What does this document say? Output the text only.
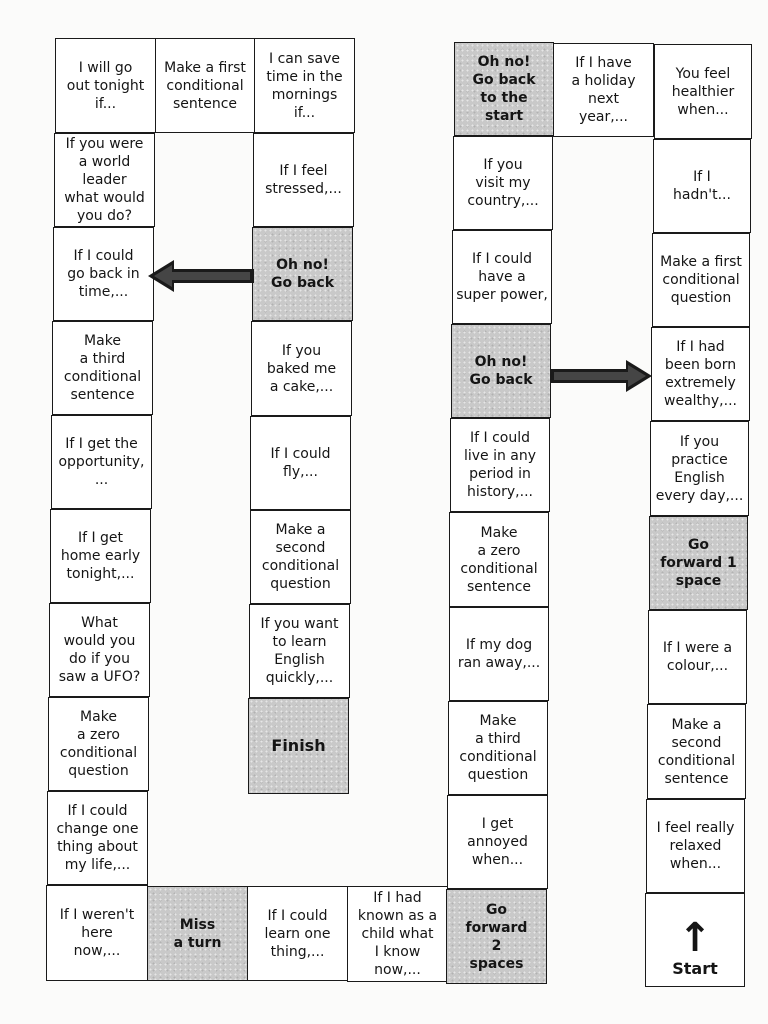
I will go
out tonight
if...
If you were
a world
leader
what would
you do?
If I could
go back in
time,...
Make
a third
conditional
sentence
If I get the
opportunity,
...
If I get
home early
tonight,...
What
would you
do if you
saw a UFO?
Make
a zero
conditional
question
If I could
change one
thing about
my life,...
If I weren't
here
now,...
Make a first
conditional
sentence
I can save
time in the
mornings
if...
If I feel
stressed,...
Oh no!
Go back
If you
baked me
a cake,...
If I could
fly,...
Make a
second
conditional
question
If you want
to learn
English
quickly,...
Finish
Miss
a turn
If I could
learn one
thing,...
If I had
known as a
child what
I know
now,...
Oh no!
Go back
to the
start
If you
visit my
country,...
If I could
have a
super power,
Oh no!
Go back
If I could
live in any
period in
history,...
Make
a zero
conditional
sentence
If my dog
ran away,...
Make
a third
conditional
question
I get
annoyed
when...
Go
forward
2
spaces
If I have
a holiday
next
year,...
You feel
healthier
when...
If I
hadn't...
Make a first
conditional
question
If I had
been born
extremely
wealthy,...
If you
practice
English
every day,...
Go
forward 1
space
If I were a
colour,...
Make a
second
conditional
sentence
I feel really
relaxed
when...
↑
Start
